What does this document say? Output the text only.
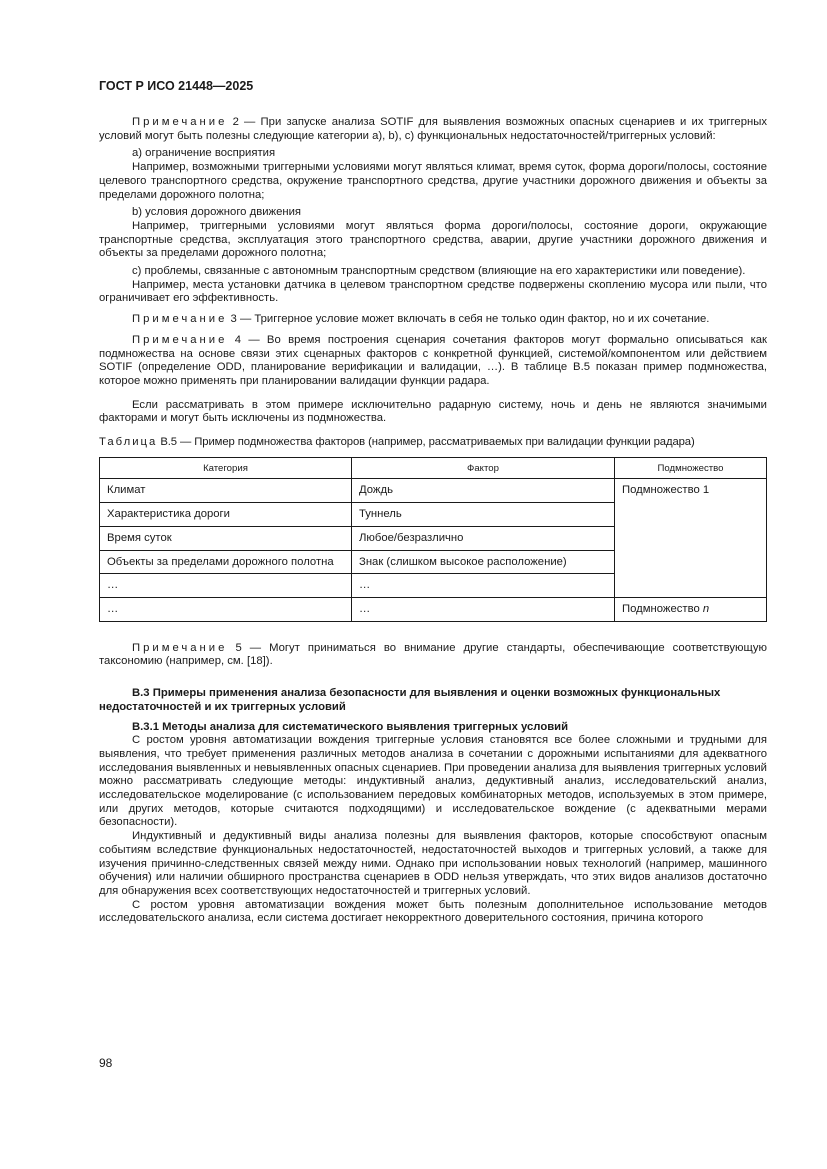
ГОСТ Р ИСО 21448—2025

Примечание 2 — При запуске анализа SOTIF для выявления возможных опасных сценариев и их триггерных условий могут быть полезны следующие категории a), b), c) функциональных недостаточностей/триггерных условий:

a) ограничение восприятия

Например, возможными триггерными условиями могут являться климат, время суток, форма дороги/полосы, состояние целевого транспортного средства, окружение транспортного средства, другие участники дорожного движения и объекты за пределами дорожного полотна;

b) условия дорожного движения

Например, триггерными условиями могут являться форма дороги/полосы, состояние дороги, окружающие транспортные средства, эксплуатация этого транспортного средства, аварии, другие участники дорожного движения и объекты за пределами дорожного полотна;

c) проблемы, связанные с автономным транспортным средством (влияющие на его характеристики или поведение).

Например, места установки датчика в целевом транспортном средстве подвержены скоплению мусора или пыли, что ограничивает его эффективность.

Примечание 3 — Триггерное условие может включать в себя не только один фактор, но и их сочетание.

Примечание 4 — Во время построения сценария сочетания факторов могут формально описываться как подмножества на основе связи этих сценарных факторов с конкретной функцией, системой/компонентом или действием SOTIF (определение ODD, планирование верификации и валидации, …). В таблице B.5 показан пример подмножества, которое можно применять при планировании валидации функции радара.

Если рассматривать в этом примере исключительно радарную систему, ночь и день не являются значимыми факторами и могут быть исключены из подмножества.

Таблица B.5 — Пример подмножества факторов (например, рассматриваемых при валидации функции радара)

Категория	Фактор	Подмножество
Климат	Дождь	Подмножество 1
Характеристика дороги	Туннель	
Время суток	Любое/безразлично	
Объекты за пределами дорожного полотна	Знак (слишком высокое расположение)	
…	…	
…	…	Подмножество n

Примечание 5 — Могут приниматься во внимание другие стандарты, обеспечивающие соответствующую таксономию (например, см. [18]).

B.3 Примеры применения анализа безопасности для выявления и оценки возможных функциональных недостаточностей и их триггерных условий

B.3.1 Методы анализа для систематического выявления триггерных условий

С ростом уровня автоматизации вождения триггерные условия становятся все более сложными и трудными для выявления, что требует применения различных методов анализа в сочетании с дорожными испытаниями для адекватного исследования выявленных и невыявленных опасных сценариев. При проведении анализа для выявления триггерных условий можно рассматривать следующие методы: индуктивный анализ, дедуктивный анализ, исследовательский анализ, исследовательское моделирование (с использованием передовых комбинаторных методов, используемых в этом примере, или других методов, которые считаются подходящими) и исследовательское вождение (с адекватными мерами безопасности).

Индуктивный и дедуктивный виды анализа полезны для выявления факторов, которые способствуют опасным событиям вследствие функциональных недостаточностей, недостаточностей выходов и триггерных условий, а также для изучения причинно-следственных связей между ними. Однако при использовании новых технологий (например, машинного обучения) или наличии обширного пространства сценариев в ODD нельзя утверждать, что этих видов анализов достаточно для обнаружения всех соответствующих недостаточностей и триггерных условий.

С ростом уровня автоматизации вождения может быть полезным дополнительное использование методов исследовательского анализа, если система достигает некорректного доверительного состояния, причина которого

98
